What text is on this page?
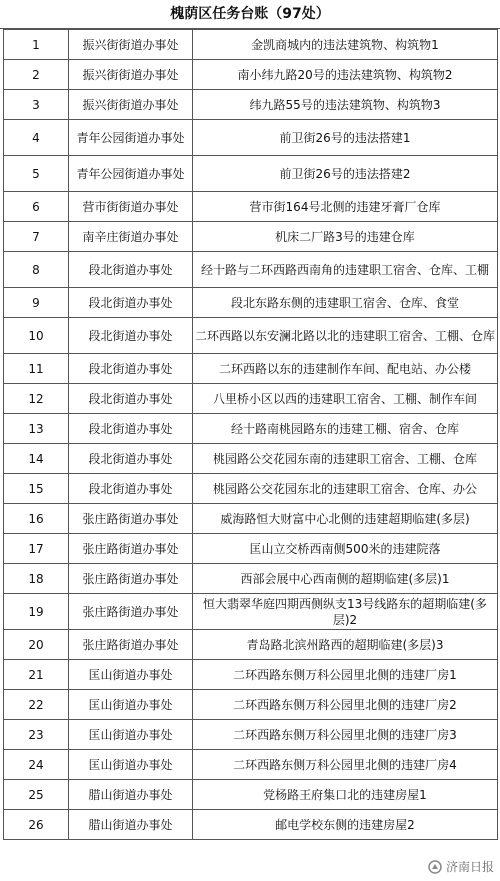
槐荫区任务台账（97处）
1	振兴街街道办事处	金凯商城内的违法建筑物、构筑物1
2	振兴街街道办事处	南小纬九路20号的违法建筑物、构筑物2
3	振兴街街道办事处	纬九路55号的违法建筑物、构筑物3
4	青年公园街道办事处	前卫街26号的违法搭建1
5	青年公园街道办事处	前卫街26号的违法搭建2
6	营市街街道办事处	营市街164号北侧的违建牙膏厂仓库
7	南辛庄街道办事处	机床二厂路3号的违建仓库
8	段北街道办事处	经十路与二环西路西南角的违建职工宿舍、仓库、工棚
9	段北街道办事处	段北东路东侧的违建职工宿舍、仓库、食堂
10	段北街道办事处	二环西路以东安澜北路以北的违建职工宿舍、工棚、仓库
11	段北街道办事处	二环西路以东的违建制作车间、配电站、办公楼
12	段北街道办事处	八里桥小区以西的违建职工宿舍、工棚、制作车间
13	段北街道办事处	经十路南桃园路东的违建工棚、宿舍、仓库
14	段北街道办事处	桃园路公交花园东南的违建职工宿舍、工棚、仓库
15	段北街道办事处	桃园路公交花园东北的违建职工宿舍、仓库、办公
16	张庄路街道办事处	威海路恒大财富中心北侧的违建超期临建(多层)
17	张庄路街道办事处	匡山立交桥西南侧500米的违建院落
18	张庄路街道办事处	西部会展中心西南侧的超期临建(多层)1
19	张庄路街道办事处	恒大翡翠华庭四期西侧纵支13号线路东的超期临建(多层)2
20	张庄路街道办事处	青岛路北滨州路西的超期临建(多层)3
21	匡山街道办事处	二环西路东侧万科公园里北侧的违建厂房1
22	匡山街道办事处	二环西路东侧万科公园里北侧的违建厂房2
23	匡山街道办事处	二环西路东侧万科公园里北侧的违建厂房3
24	匡山街道办事处	二环西路东侧万科公园里北侧的违建厂房4
25	腊山街道办事处	党杨路王府集口北的违建房屋1
26	腊山街道办事处	邮电学校东侧的违建房屋2
济南日报
